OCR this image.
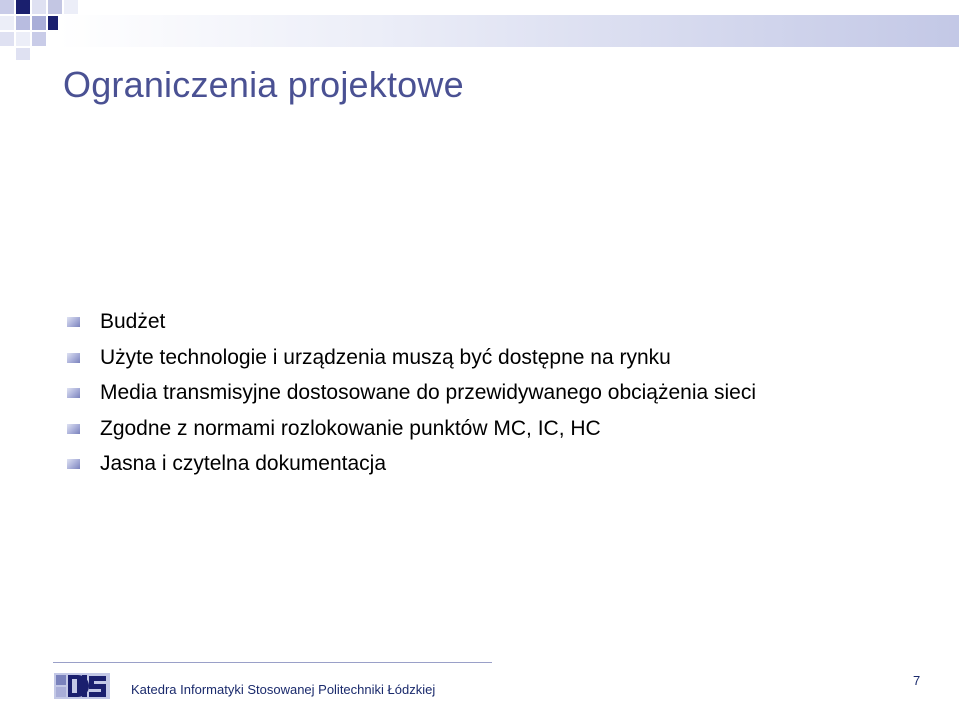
Ograniczenia projektowe
Budżet
Użyte technologie i urządzenia muszą być dostępne na rynku
Media transmisyjne dostosowane do przewidywanego obciążenia sieci
Zgodne z normami rozlokowanie punktów MC, IC, HC
Jasna i czytelna dokumentacja
Katedra Informatyki Stosowanej Politechniki Łódzkiej
7
